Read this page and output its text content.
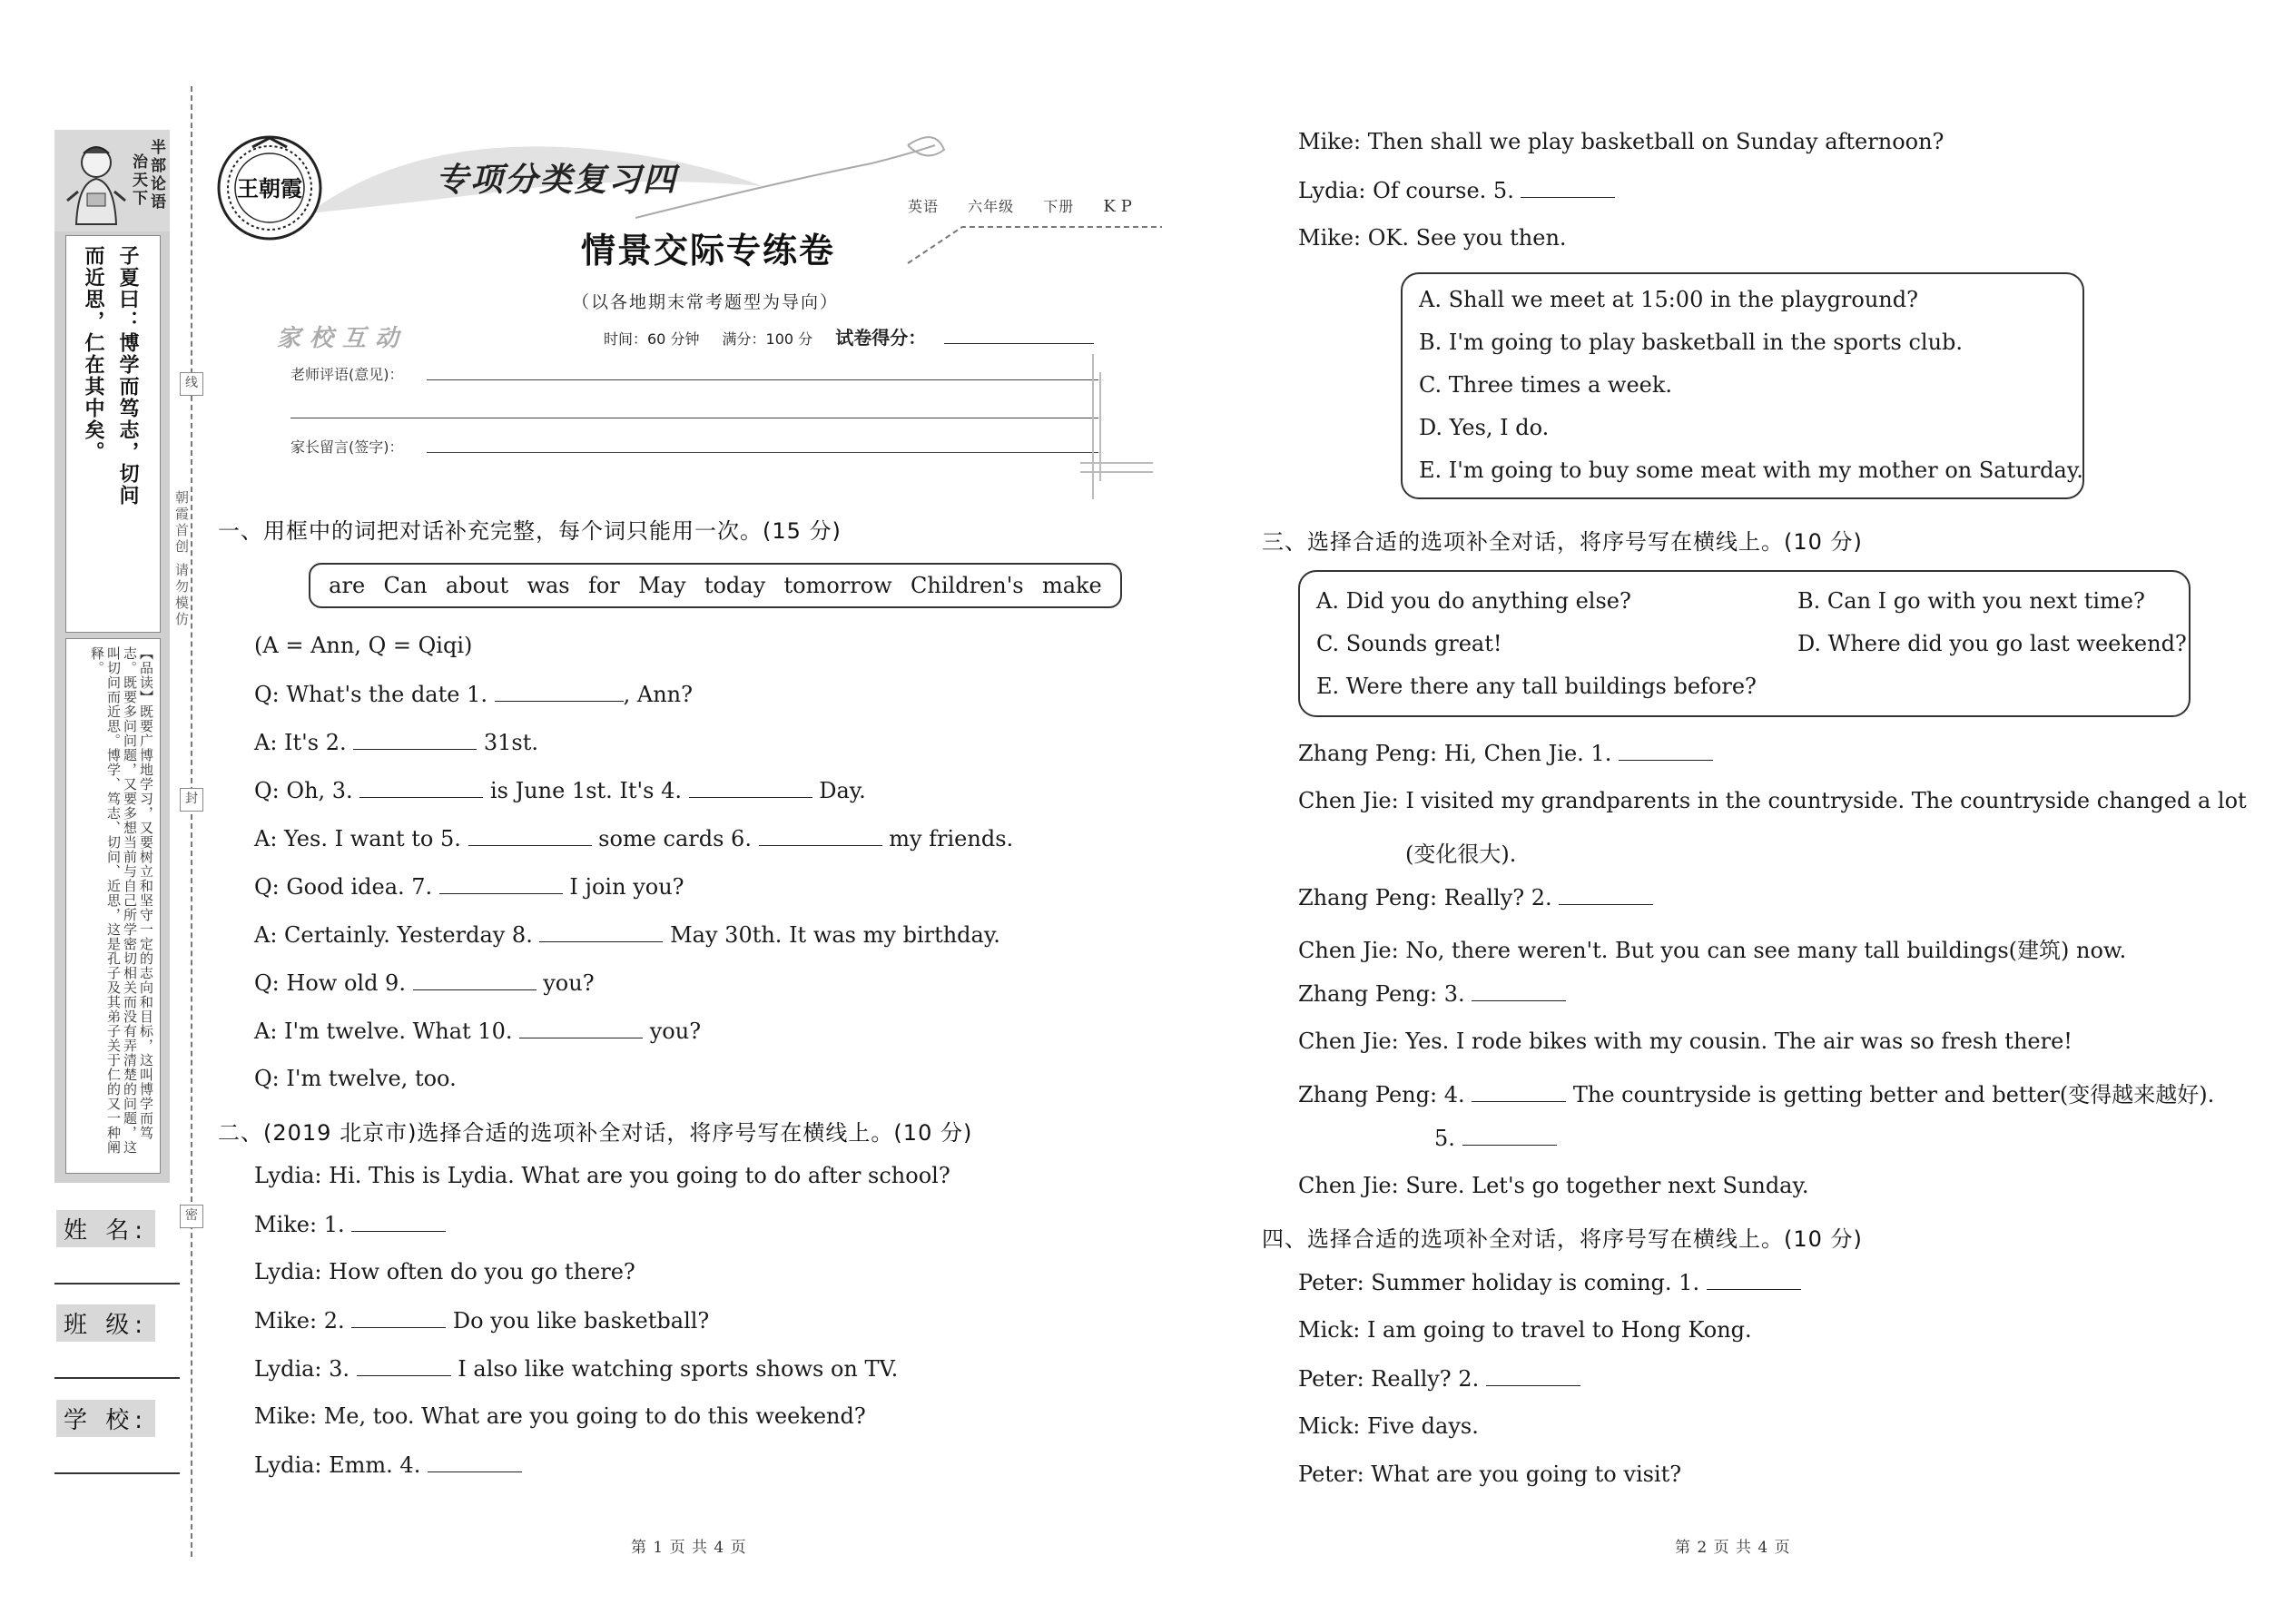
半部论语
治天下
子夏曰：博学而笃志，切问
而近思，仁在其中矣。
【品读】既要广博地学习，又要树立和坚守一定的志向和目标，这叫博学而笃志。既要多问问题，又要多想当前与自己所学密切相关而没有弄清楚的问题，这叫切问而近思。博学、笃志、切问、近思，这是孔子及其弟子关于仁的又一种阐释。
姓 名:
班 级:
学 校:
线
封
密
朝霞首创 请勿模仿
王朝霞	专项分类复习四
英语 六年级 下册 KP
情景交际专练卷
（以各地期末常考题型为导向）
时间：60 分钟 满分：100 分 试卷得分：
家校互动
老师评语(意见)：
家长留言(签字)：
一、用框中的词把对话补充完整，每个词只能用一次。(15 分)
are Can about was for May today tomorrow Children's make
(A = Ann, Q = Qiqi)
Q: What's the date 1.	, Ann?
A: It's 2.	31st.
Q: Oh, 3.	is June 1st. It's 4.	Day.
A: Yes. I want to 5.	some cards 6.	my friends.
Q: Good idea. 7.	I join you?
A: Certainly. Yesterday 8.	May 30th. It was my birthday.
Q: How old 9.	you?
A: I'm twelve. What 10.	you?
Q: I'm twelve, too.
二、(2019 北京市)选择合适的选项补全对话，将序号写在横线上。(10 分)
Lydia: Hi. This is Lydia. What are you going to do after school?
Mike: 1.
Lydia: How often do you go there?
Mike: 2.	Do you like basketball?
Lydia: 3.	I also like watching sports shows on TV.
Mike: Me, too. What are you going to do this weekend?
Lydia: Emm. 4.
第 1 页 共 4 页
Mike: Then shall we play basketball on Sunday afternoon?
Lydia: Of course. 5.
Mike: OK. See you then.
A. Shall we meet at 15:00 in the playground?
B. I'm going to play basketball in the sports club.
C. Three times a week.
D. Yes, I do.
E. I'm going to buy some meat with my mother on Saturday.
三、选择合适的选项补全对话，将序号写在横线上。(10 分)
A. Did you do anything else?	B. Can I go with you next time?
C. Sounds great!	D. Where did you go last weekend?
E. Were there any tall buildings before?
Zhang Peng: Hi, Chen Jie. 1.
Chen Jie: I visited my grandparents in the countryside. The countryside changed a lot
(变化很大).
Zhang Peng: Really? 2.
Chen Jie: No, there weren't. But you can see many tall buildings(建筑) now.
Zhang Peng: 3.
Chen Jie: Yes. I rode bikes with my cousin. The air was so fresh there!
Zhang Peng: 4.	The countryside is getting better and better(变得越来越好).
5.
Chen Jie: Sure. Let's go together next Sunday.
四、选择合适的选项补全对话，将序号写在横线上。(10 分)
Peter: Summer holiday is coming. 1.
Mick: I am going to travel to Hong Kong.
Peter: Really? 2.
Mick: Five days.
Peter: What are you going to visit?
第 2 页 共 4 页
